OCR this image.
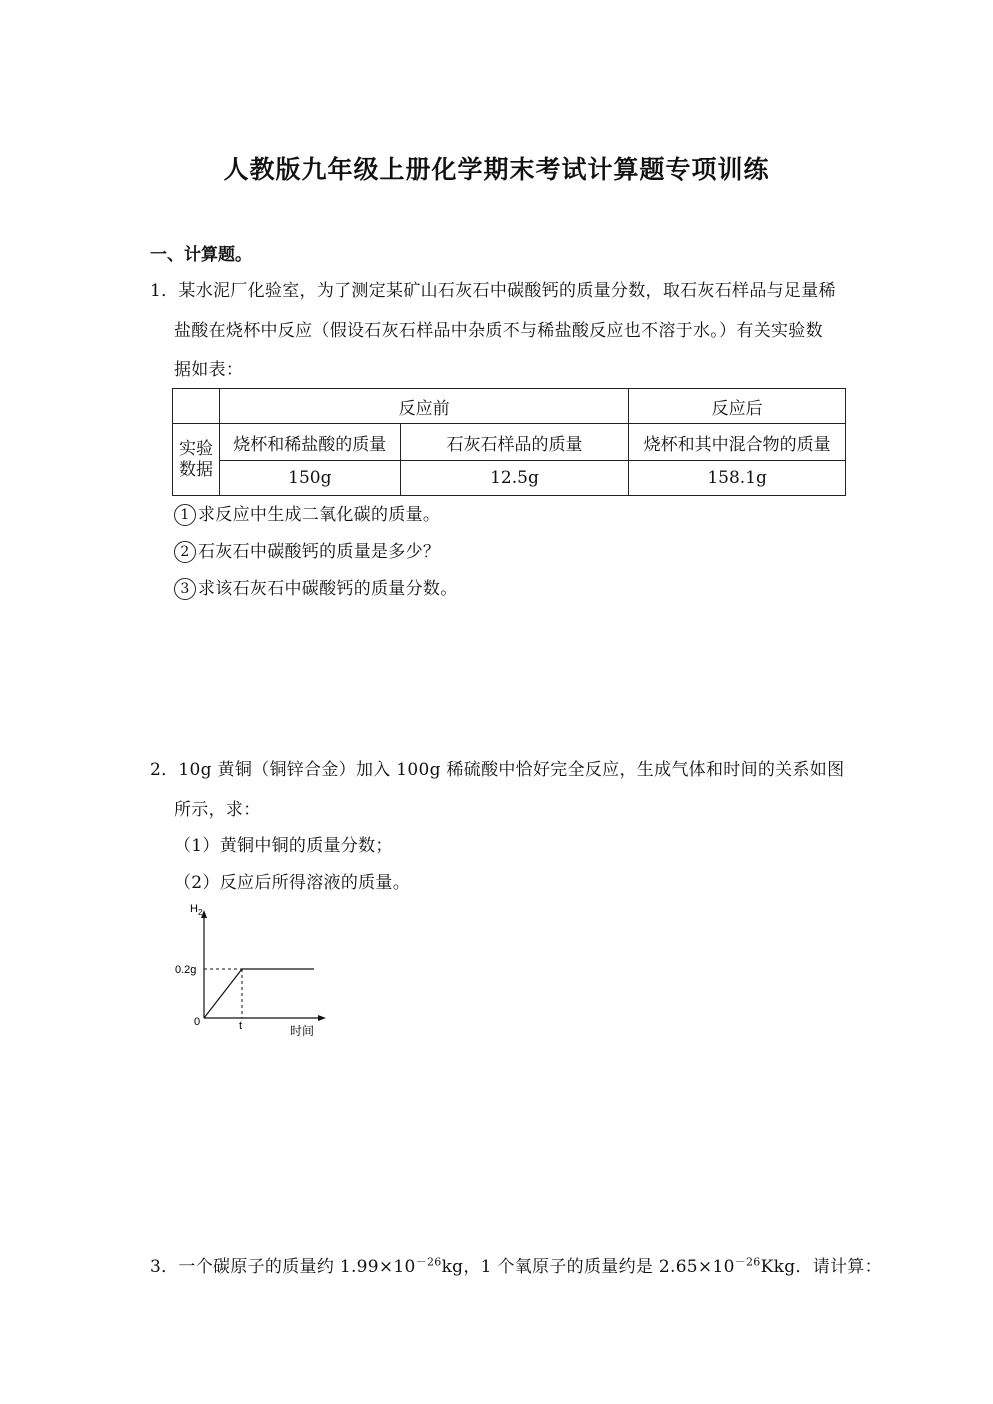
人教版九年级上册化学期末考试计算题专项训练
一、计算题。
1．某水泥厂化验室，为了测定某矿山石灰石中碳酸钙的质量分数，取石灰石样品与足量稀
盐酸在烧杯中反应（假设石灰石样品中杂质不与稀盐酸反应也不溶于水。）有关实验数
据如表：
	反应前		反应后
实验数据	烧杯和稀盐酸的质量	石灰石样品的质量	烧杯和其中混合物的质量
	150g	12.5g	158.1g
1 求反应中生成二氧化碳的质量。
2 石灰石中碳酸钙的质量是多少？
3 求该石灰石中碳酸钙的质量分数。
2．10g 黄铜（铜锌合金）加入 100g 稀硫酸中恰好完全反应，生成气体和时间的关系如图
所示，求：
（1）黄铜中铜的质量分数；
（2）反应后所得溶液的质量。
$H_2$
0.2g
0	t	时间
3．一个碳原子的质量约 $1.99\times 10^{-26}kg$，1 个氧原子的质量约是 $2.65\times 10^{-26}Kkg$．请计算：
